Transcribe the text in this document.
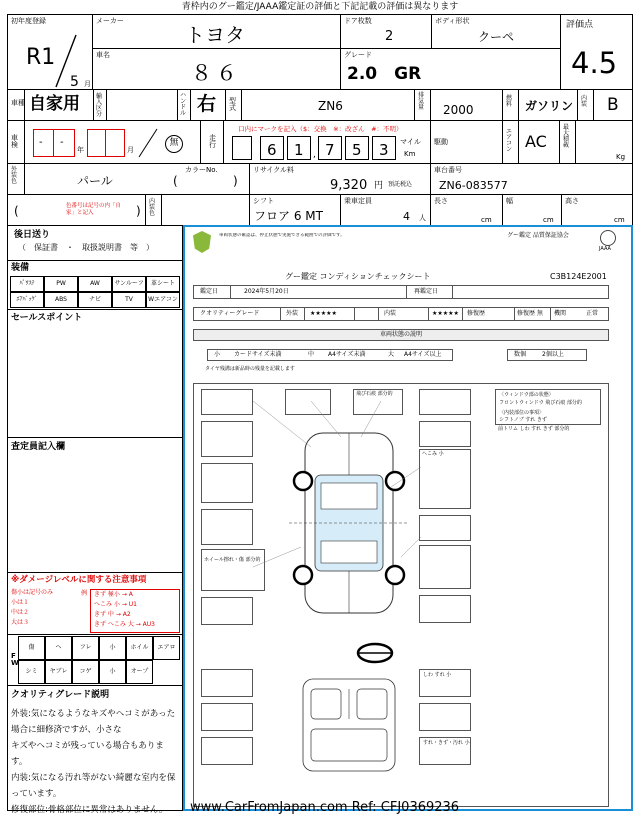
青枠内のグー鑑定/JAAA鑑定証の評価と下記記載の評価は異なります
初年度登録
R1
5 月
メーカー
トヨタ
車名
８６
ドア枚数
2
ボディ形状
クーペ
グレード
2.0　GR
評価点
4.5
車種 自家用	輸入区分
ハンドル 右 型式	ZN6
排気量 2000
燃料 ガソリン
内装 B
車検 - -
年	月
無	走行
口内にマークを記入（$：交換　※：改ざん　#：不明）
6 1 , 7 5 3 マイル
Km
駆動
エアコン AC
最大積載
Kg
外装色	パール	(	)
カラーNo.	リサイクル料
9,320 円 預託税込
車台番号
ZN6-083577
(	色番号は記号の内「自家」と記入	)
内装色
シフト
フロア 6 MT
乗車定員
4 人
長さ
cm
幅
cm
高さ
cm
後日送り
（　保証書　・　取扱説明書　等　）
装備
ﾊﾟﾜｽﾃ	PW	AW	サンルーフ	革シート
ｴｱﾊﾞｯｸﾞ	ABS	ナビ	TV	Wエアコン
セールスポイント
査定員記入欄
※ダメージレベルに関する注意事項
傷小は記号のみ
小は１
中は２
大は３
例 きず 極小 → A
へこみ 小 → U1
きず 中 → A2
きず へこみ 大 → AU3
F W
傷	ヘ	フレ	小	ホイル	エアロ
シミ	ヤブレ	コゲ	小	オープ
クオリティグレード説明
外装:気になるようなキズやヘコミがあった場合に細修済ですが、小さな
キズやヘコミが残っている場合もあります。
内装:気になる汚れ等がない綺麗な室内を保っています。
修復部位:骨格部位に異常はありません。
車両状態の確認は、停止状態で実施できる範囲での評価です。	グー鑑定 品質保証協会
JAAA
グー鑑定 コンディションチェックシート	C3B124E2001
鑑定日	2024年5月20日	再鑑定日
クオリティーグレード	外装 ★★★★★	内装	★★★★★ 修復歴	修復歴 無 機関	正常
車両状態の説明
小 カードサイズ未満	中 A4サイズ未満	大 A4サイズ以上	数個	2個以上
タイヤ残溝は新品時の残量を記載します
飛び石痕 部分的
へこみ 小
ホイール擦れ・傷 部分的
〈ウィンドウ部の状態〉
フロントウィンドウ 飛び石痕 部分的
〈内装部位の事項〉
シフトノブ すれ きず
前トリム しわ すれ きず 部分的
しわ すれ 小
すれ・きず・汚れ 小
www.CarFromJapan.com Ref: CFJ0369236
